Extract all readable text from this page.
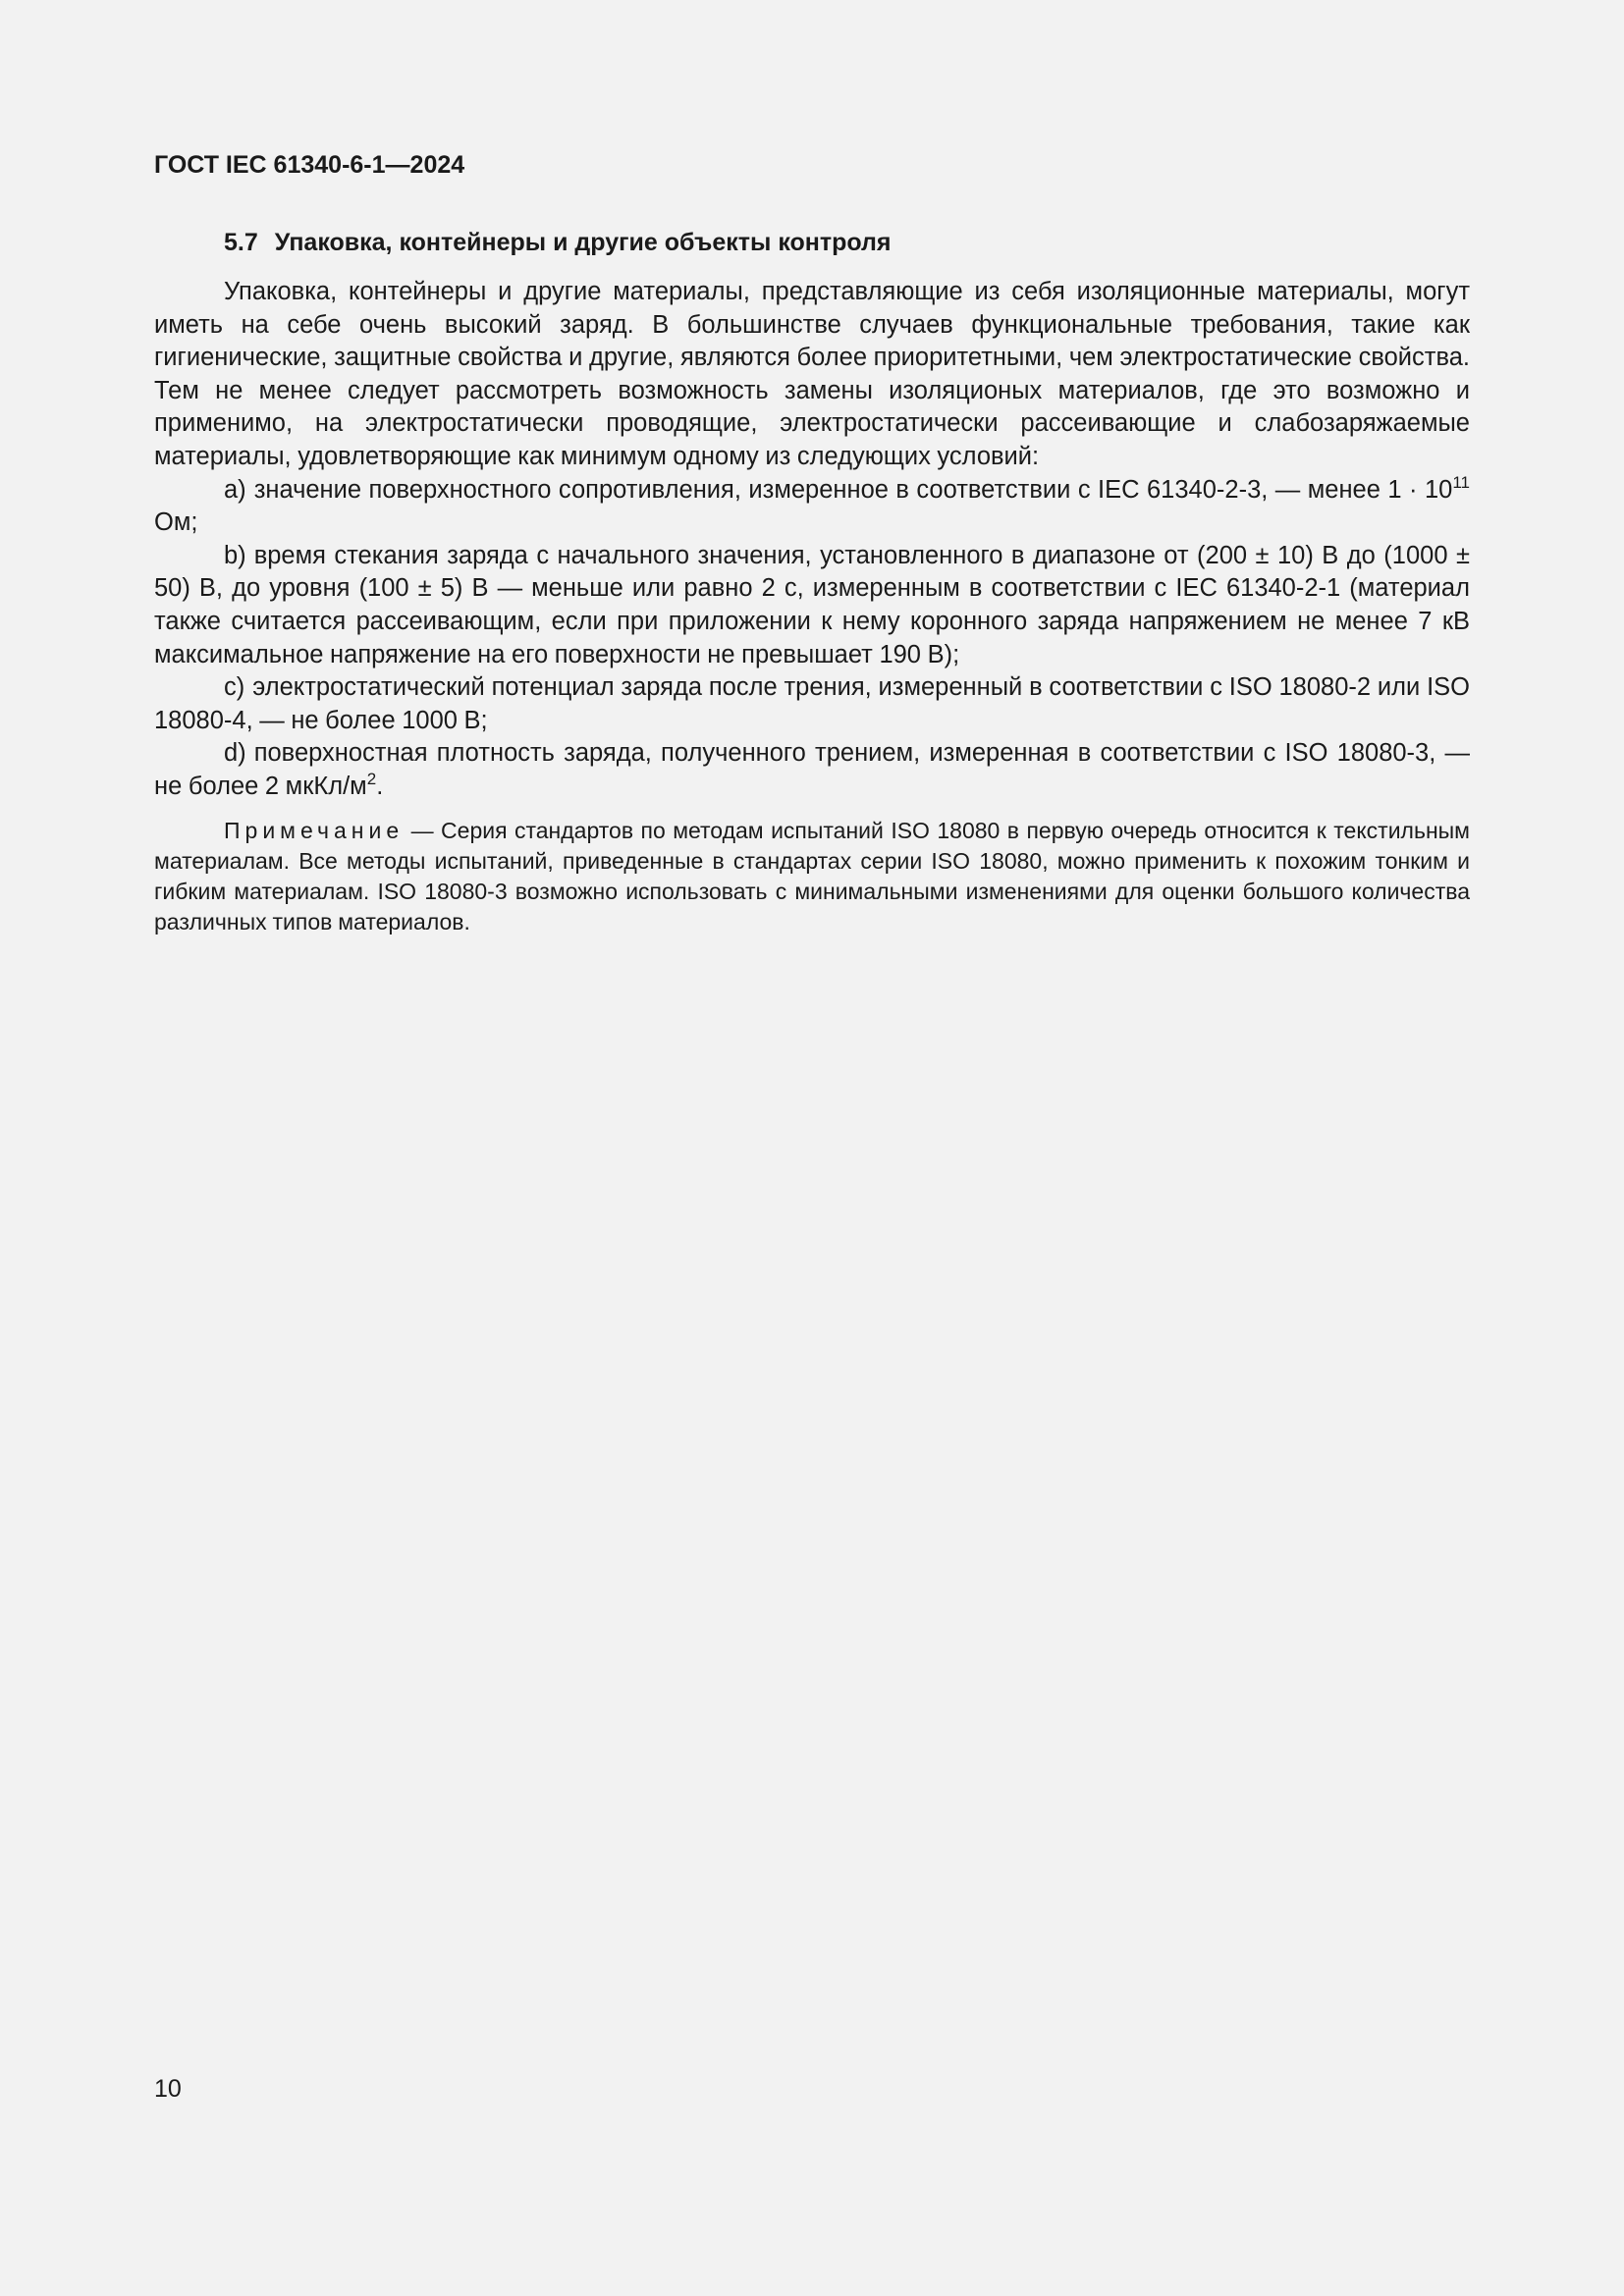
ГОСТ IEC 61340-6-1—2024
5.7 Упаковка, контейнеры и другие объекты контроля

Упаковка, контейнеры и другие материалы, представляющие из себя изоляционные материалы, могут иметь на себе очень высокий заряд. В большинстве случаев функциональные требования, такие как гигиенические, защитные свойства и другие, являются более приоритетными, чем электростатические свойства. Тем не менее следует рассмотреть возможность замены изоляционых материалов, где это возможно и применимо, на электростатически проводящие, электростатически рассеивающие и слабозаряжаемые материалы, удовлетворяющие как минимум одному из следующих условий:

a) значение поверхностного сопротивления, измеренное в соответствии с IEC 61340-2-3, — менее $1 \cdot 10^{11}$ Ом;

b) время стекания заряда с начального значения, установленного в диапазоне от (200 ± 10) В до (1000 ± 50) В, до уровня (100 ± 5) В — меньше или равно 2 с, измеренным в соответствии с IEC 61340-2-1 (материал также считается рассеивающим, если при приложении к нему коронного заряда напряжением не менее 7 кВ максимальное напряжение на его поверхности не превышает 190 В);

c) электростатический потенциал заряда после трения, измеренный в соответствии с ISO 18080-2 или ISO 18080-4, — не более 1000 В;

d) поверхностная плотность заряда, полученного трением, измеренная в соответствии с ISO 18080-3, — не более 2 мкКл/$м^2$.

Примечание — Серия стандартов по методам испытаний ISO 18080 в первую очередь относится к текстильным материалам. Все методы испытаний, приведенные в стандартах серии ISO 18080, можно применить к похожим тонким и гибким материалам. ISO 18080-3 возможно использовать с минимальными изменениями для оценки большого количества различных типов материалов.
10
